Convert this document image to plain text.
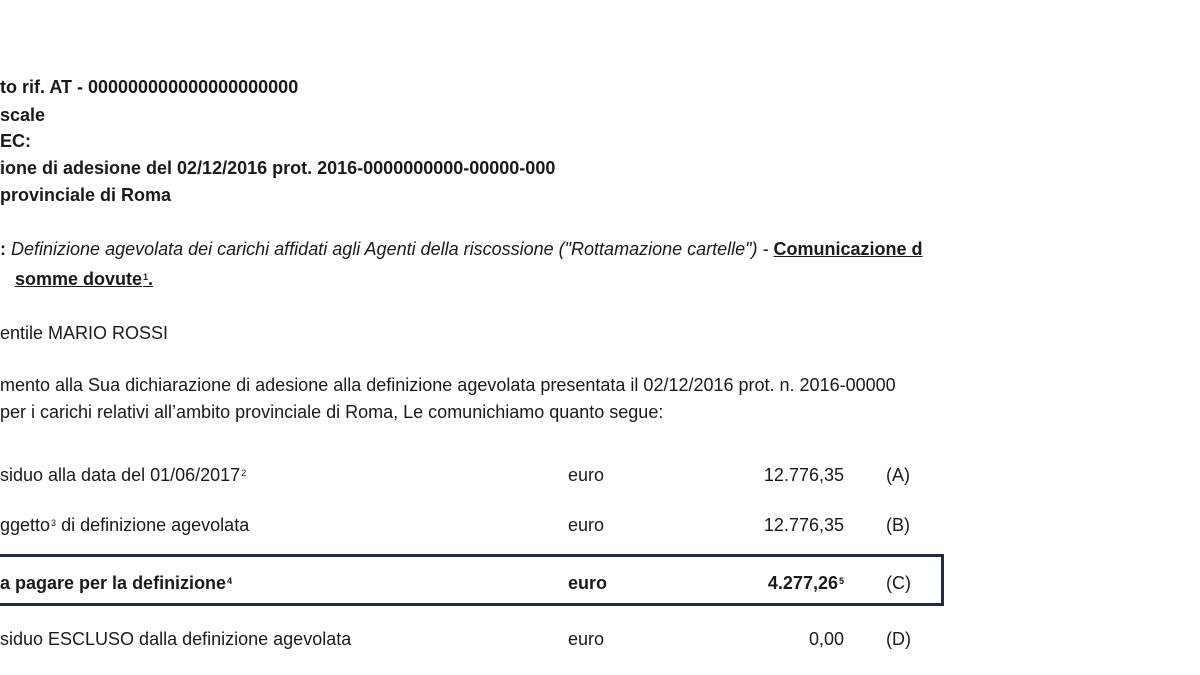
to rif. AT - 000000000000000000000
scale
EC:
ione di adesione del 02/12/2016 prot. 2016-0000000000-00000-000
provinciale di Roma
: Definizione agevolata dei carichi affidati agli Agenti della riscossione ("Rottamazione cartelle") - Comunicazione d
somme dovute$^1$.
entile MARIO ROSSI
mento alla Sua dichiarazione di adesione alla definizione agevolata presentata il 02/12/2016 prot. n. 2016-00000
per i carichi relativi all’ambito provinciale di Roma, Le comunichiamo quanto segue:
siduo alla data del 01/06/2017$^2$	euro	12.776,35 (A)
ggetto$^3$ di definizione agevolata	euro	12.776,35 (B)
a pagare per la definizione$^4$	euro	4.277,26$^5$ (C)
siduo ESCLUSO dalla definizione agevolata	euro	0,00 (D)
